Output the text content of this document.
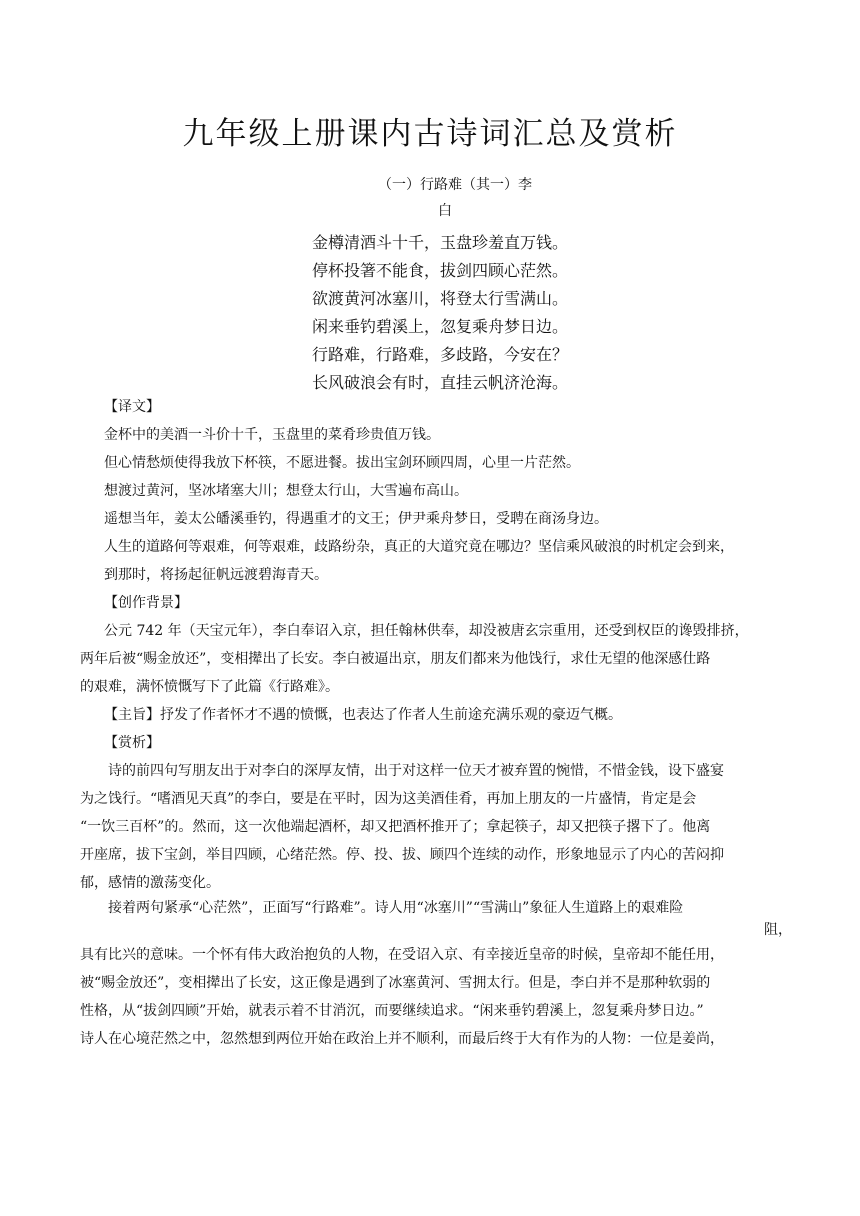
九年级上册课内古诗词汇总及赏析
（一）行路难（其一）李
白
金樽清酒斗十千，玉盘珍羞直万钱。
停杯投箸不能食，拔剑四顾心茫然。
欲渡黄河冰塞川，将登太行雪满山。
闲来垂钓碧溪上，忽复乘舟梦日边。
行路难，行路难，多歧路，今安在？
长风破浪会有时，直挂云帆济沧海。
【译文】
金杯中的美酒一斗价十千，玉盘里的菜肴珍贵值万钱。
但心情愁烦使得我放下杯筷，不愿进餐。拔出宝剑环顾四周，心里一片茫然。
想渡过黄河，坚冰堵塞大川；想登太行山，大雪遍布高山。
遥想当年，姜太公皤溪垂钓，得遇重才的文王；伊尹乘舟梦日，受聘在商汤身边。
人生的道路何等艰难，何等艰难，歧路纷杂，真正的大道究竟在哪边？坚信乘风破浪的时机定会到来，
到那时，将扬起征帆远渡碧海青天。
【创作背景】
公元 742 年（天宝元年），李白奉诏入京，担任翰林供奉，却没被唐玄宗重用，还受到权臣的谗毁排挤，
两年后被“赐金放还”，变相撵出了长安。李白被逼出京，朋友们都来为他饯行，求仕无望的他深感仕路
的艰难，满怀愤慨写下了此篇《行路难》。
【主旨】抒发了作者怀才不遇的愤慨，也表达了作者人生前途充满乐观的豪迈气概。
【赏析】
诗的前四句写朋友出于对李白的深厚友情，出于对这样一位天才被弃置的惋惜，不惜金钱，设下盛宴
为之饯行。“嗜酒见天真”的李白，要是在平时，因为这美酒佳肴，再加上朋友的一片盛情，肯定是会
“一饮三百杯”的。然而，这一次他端起酒杯，却又把酒杯推开了；拿起筷子，却又把筷子撂下了。他离
开座席，拔下宝剑，举目四顾，心绪茫然。停、投、拔、顾四个连续的动作，形象地显示了内心的苦闷抑
郁，感情的激荡变化。
接着两句紧承“心茫然”，正面写“行路难”。诗人用“冰塞川”“雪满山”象征人生道路上的艰难险
阻，
具有比兴的意味。一个怀有伟大政治抱负的人物，在受诏入京、有幸接近皇帝的时候，皇帝却不能任用，
被“赐金放还”，变相撵出了长安，这正像是遇到了冰塞黄河、雪拥太行。但是，李白并不是那种软弱的
性格，从“拔剑四顾”开始，就表示着不甘消沉，而要继续追求。“闲来垂钓碧溪上，忽复乘舟梦日边。”
诗人在心境茫然之中，忽然想到两位开始在政治上并不顺利，而最后终于大有作为的人物：一位是姜尚，
